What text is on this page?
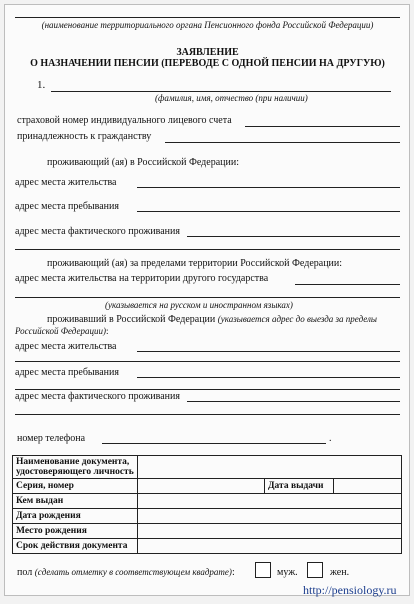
(наименование территориального органа Пенсионного фонда Российской Федерации)
ЗАЯВЛЕНИЕ
О НАЗНАЧЕНИИ ПЕНСИИ (ПЕРЕВОДЕ С ОДНОЙ ПЕНСИИ НА ДРУГУЮ)
1.
(фамилия, имя, отчество (при наличии)
страховой номер индивидуального лицевого счета
принадлежность к гражданству
проживающий (ая) в Российской Федерации:
адрес места жительства
адрес места пребывания
адрес места фактического проживания
проживающий (ая) за пределами территории Российской Федерации:
адрес места жительства на территории другого государства
(указывается на русском и иностранном языках)
проживавший в Российской Федерации (указывается адрес до выезда за пределы
Российской Федерации):
адрес места жительства
адрес места пребывания
адрес места фактического проживания
номер телефона	.
Наименование документа, удостоверяющего личность			
Серия, номер		Дата выдачи	
Кем выдан			
Дата рождения			
Место рождения			
Срок действия документа			
пол (сделать отметку в соответствующем квадрате):	муж.	жен.
http://pensiology.ru
